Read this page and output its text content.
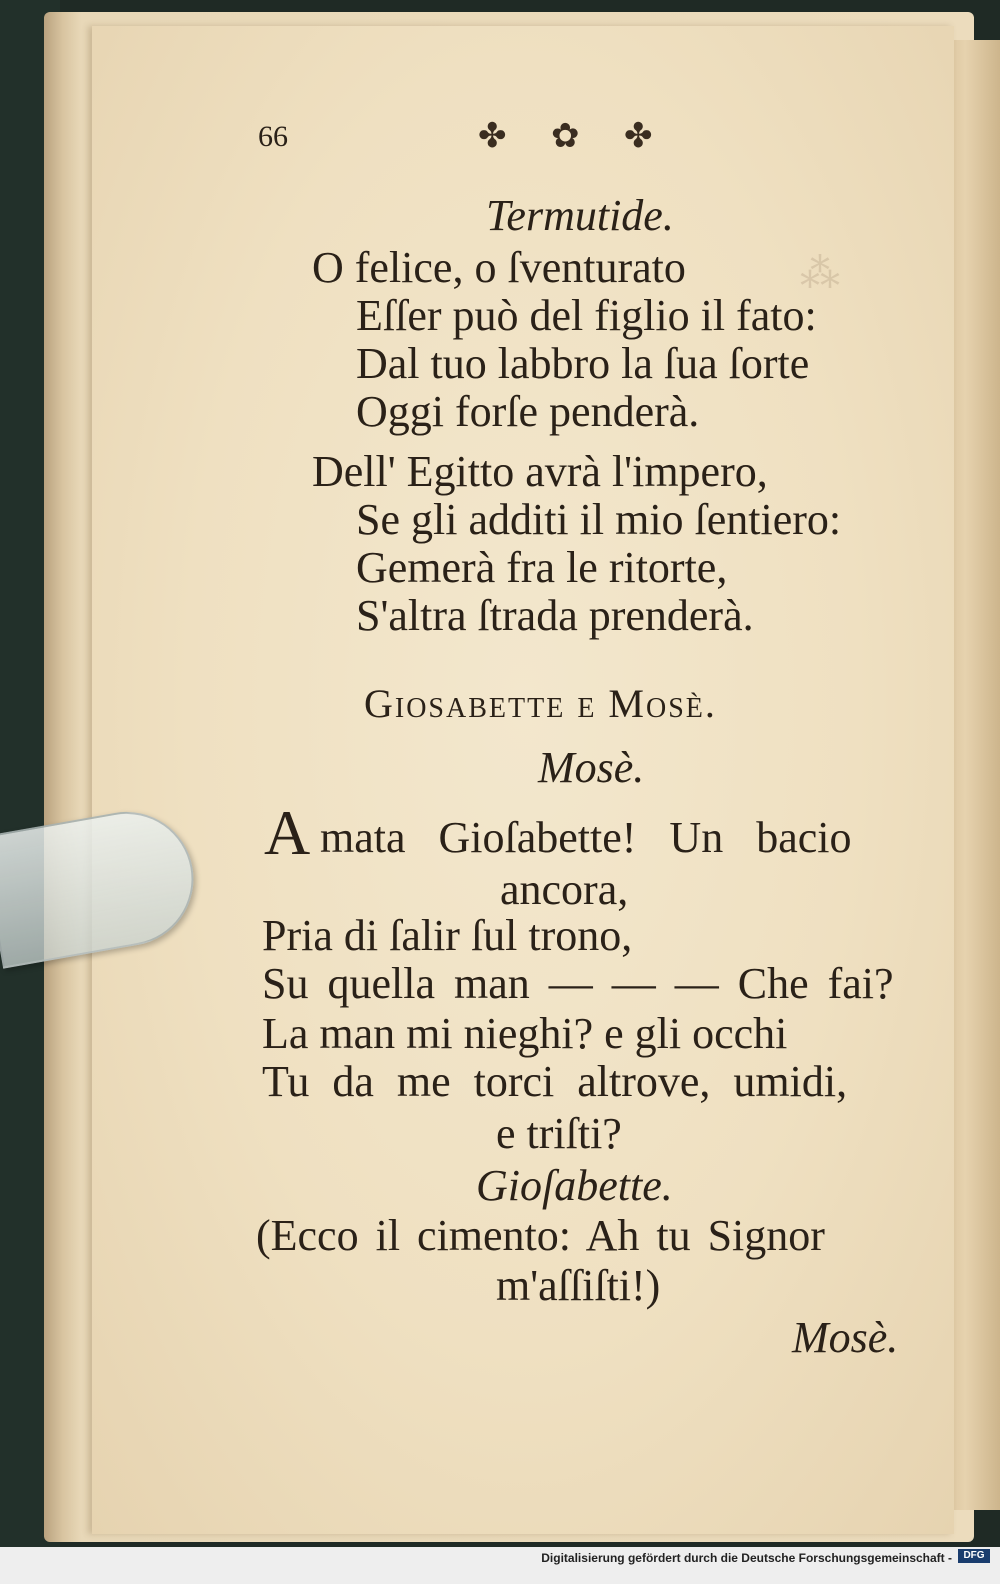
⁂
66	✤ ✿ ✤
Termutide.
O felice, o ſventurato
Eſſer può del figlio il fato:
Dal tuo labbro la ſua ſorte
Oggi forſe penderà.
Dell' Egitto avrà l'impero,
Se gli additi il mio ſentiero:
Gemerà fra le ritorte,
S'altra ſtrada prenderà.
Giosabette e Mosè.
Mosè.
A mata Gioſabette! Un bacio
ancora,
Pria di ſalir ſul trono,
Su quella man — — — Che fai?
La man mi nieghi? e gli occhi
Tu da me torci altrove, umidi,
e triſti?
Gioſabette.
(Ecco il cimento: Ah tu Signor
m'aſſiſti!)
Mosè.
Digitalisierung gefördert durch die Deutsche Forschungsgemeinschaft -	DFG
